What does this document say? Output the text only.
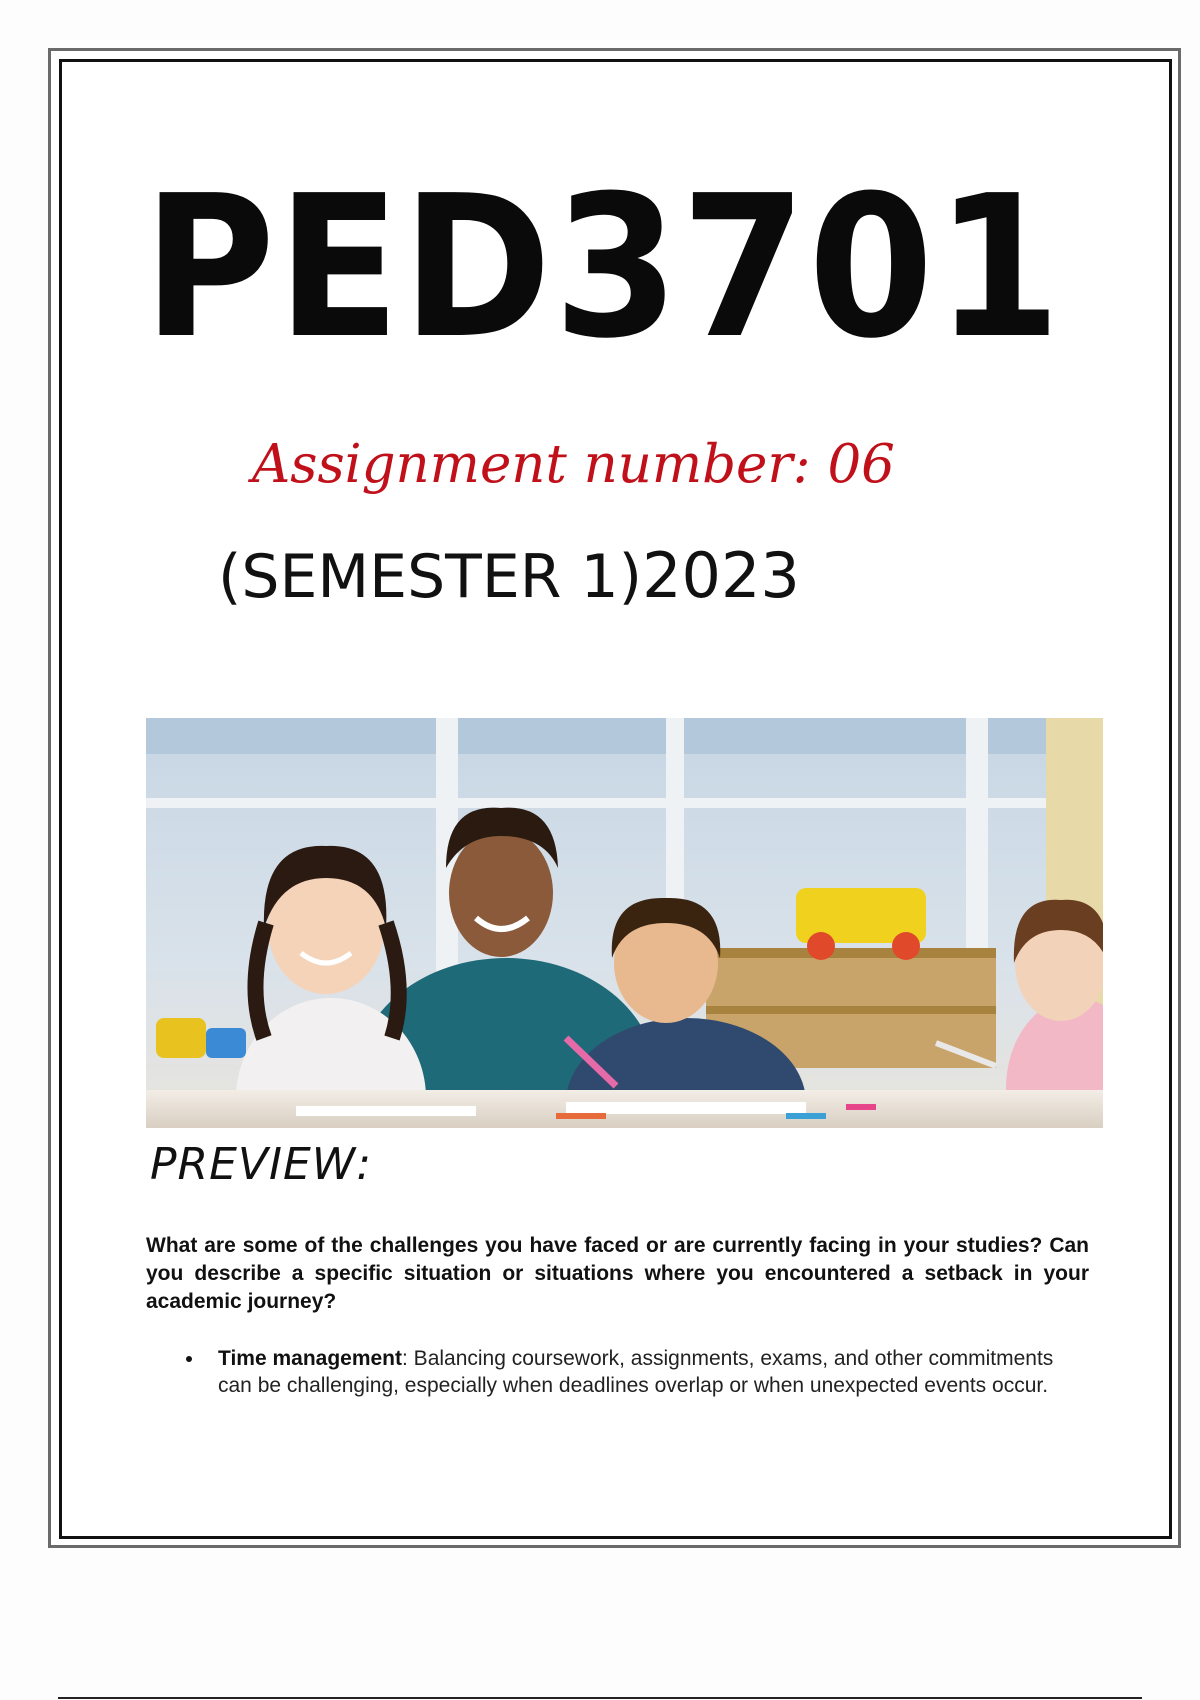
PED3701
Assignment number: 06
(SEMESTER 1)2023
PREVIEW:
What are some of the challenges you have faced or are currently facing in your studies? Can you describe a specific situation or situations where you encountered a setback in your academic journey?
Time management: Balancing coursework, assignments, exams, and other commitments can be challenging, especially when deadlines overlap or when unexpected events occur.
